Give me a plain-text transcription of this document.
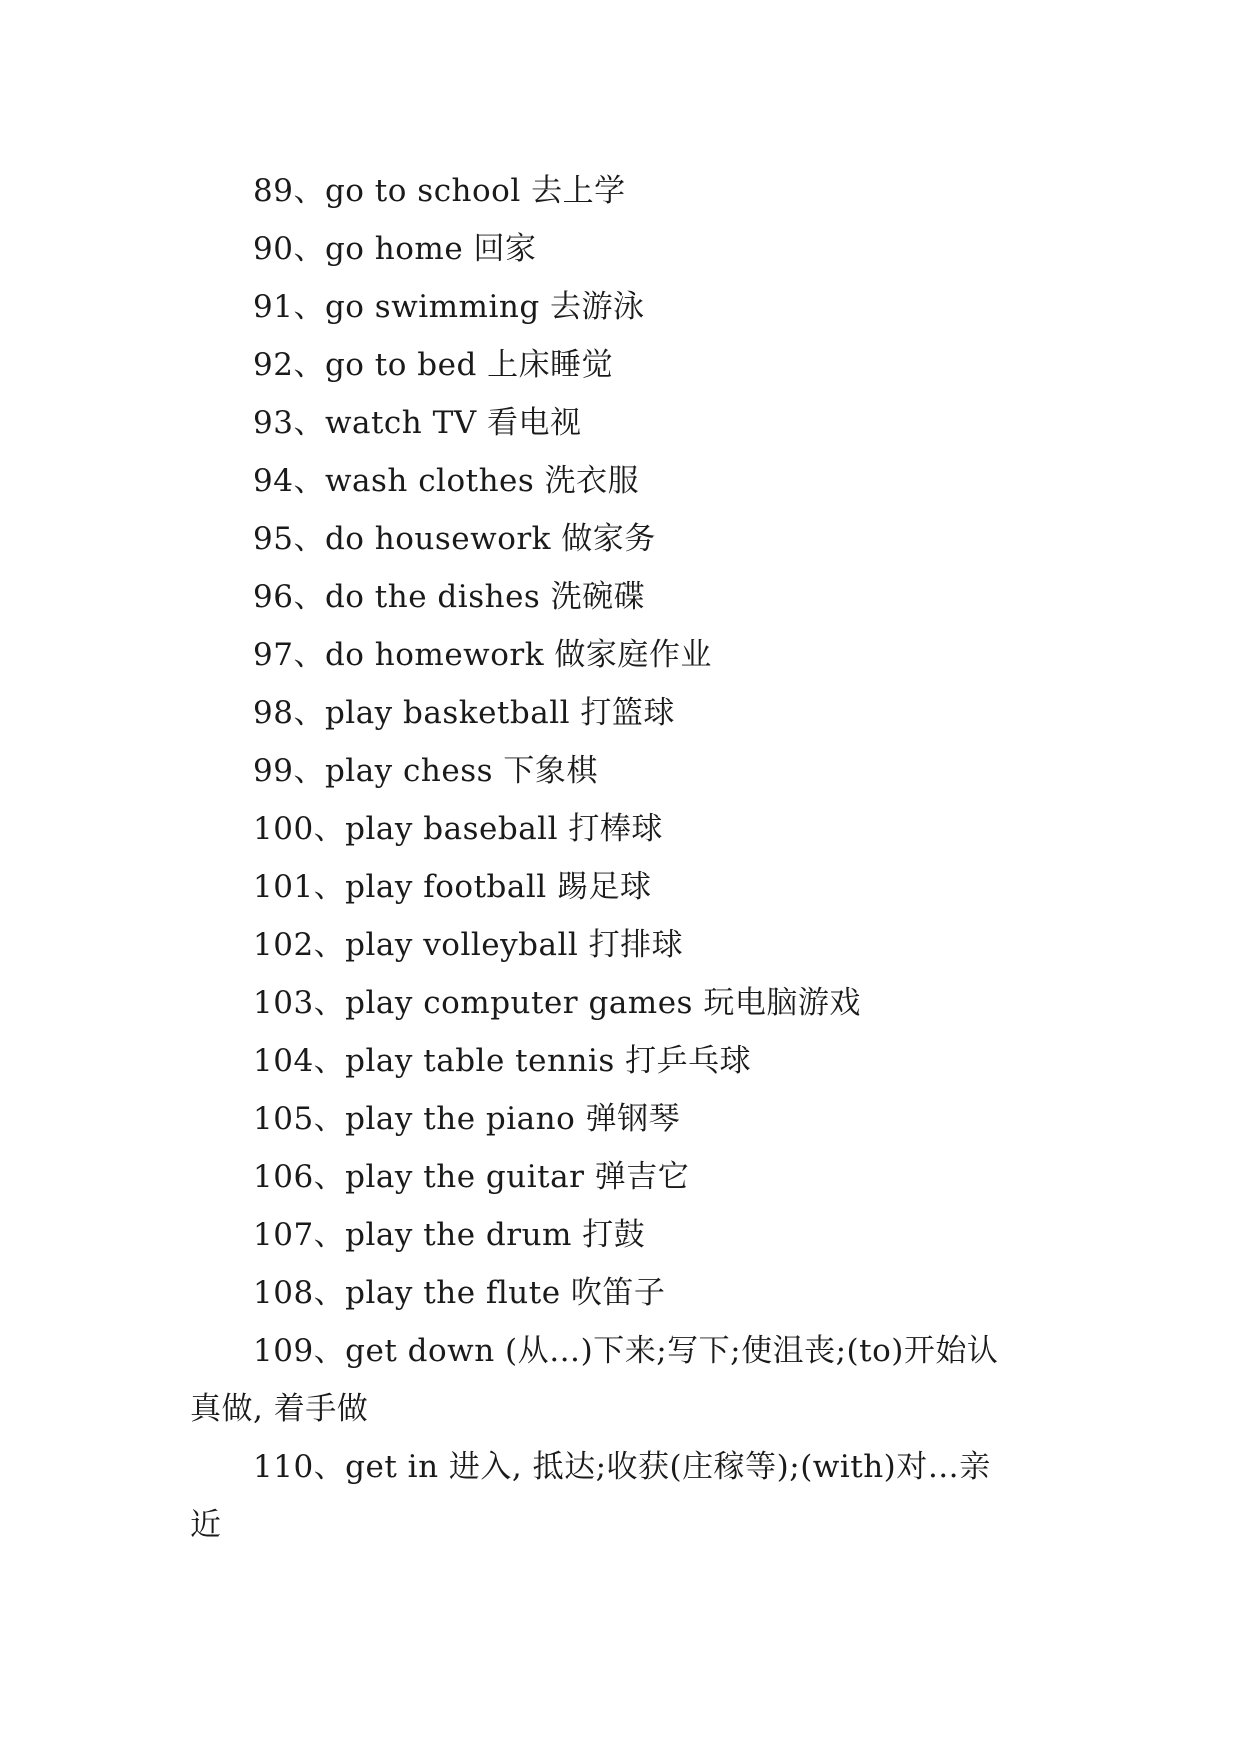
89、go to school 去上学
90、go home 回家
91、go swimming 去游泳
92、go to bed 上床睡觉
93、watch TV 看电视
94、wash clothes 洗衣服
95、do housework 做家务
96、do the dishes 洗碗碟
97、do homework 做家庭作业
98、play basketball 打篮球
99、play chess 下象棋
100、play baseball 打棒球
101、play football 踢足球
102、play volleyball 打排球
103、play computer games 玩电脑游戏
104、play table tennis 打乒乓球
105、play the piano 弹钢琴
106、play the guitar 弹吉它
107、play the drum 打鼓
108、play the flute 吹笛子
109、get down (从…)下来;写下;使沮丧;(to)开始认
真做, 着手做
110、get in 进入, 抵达;收获(庄稼等);(with)对…亲
近
